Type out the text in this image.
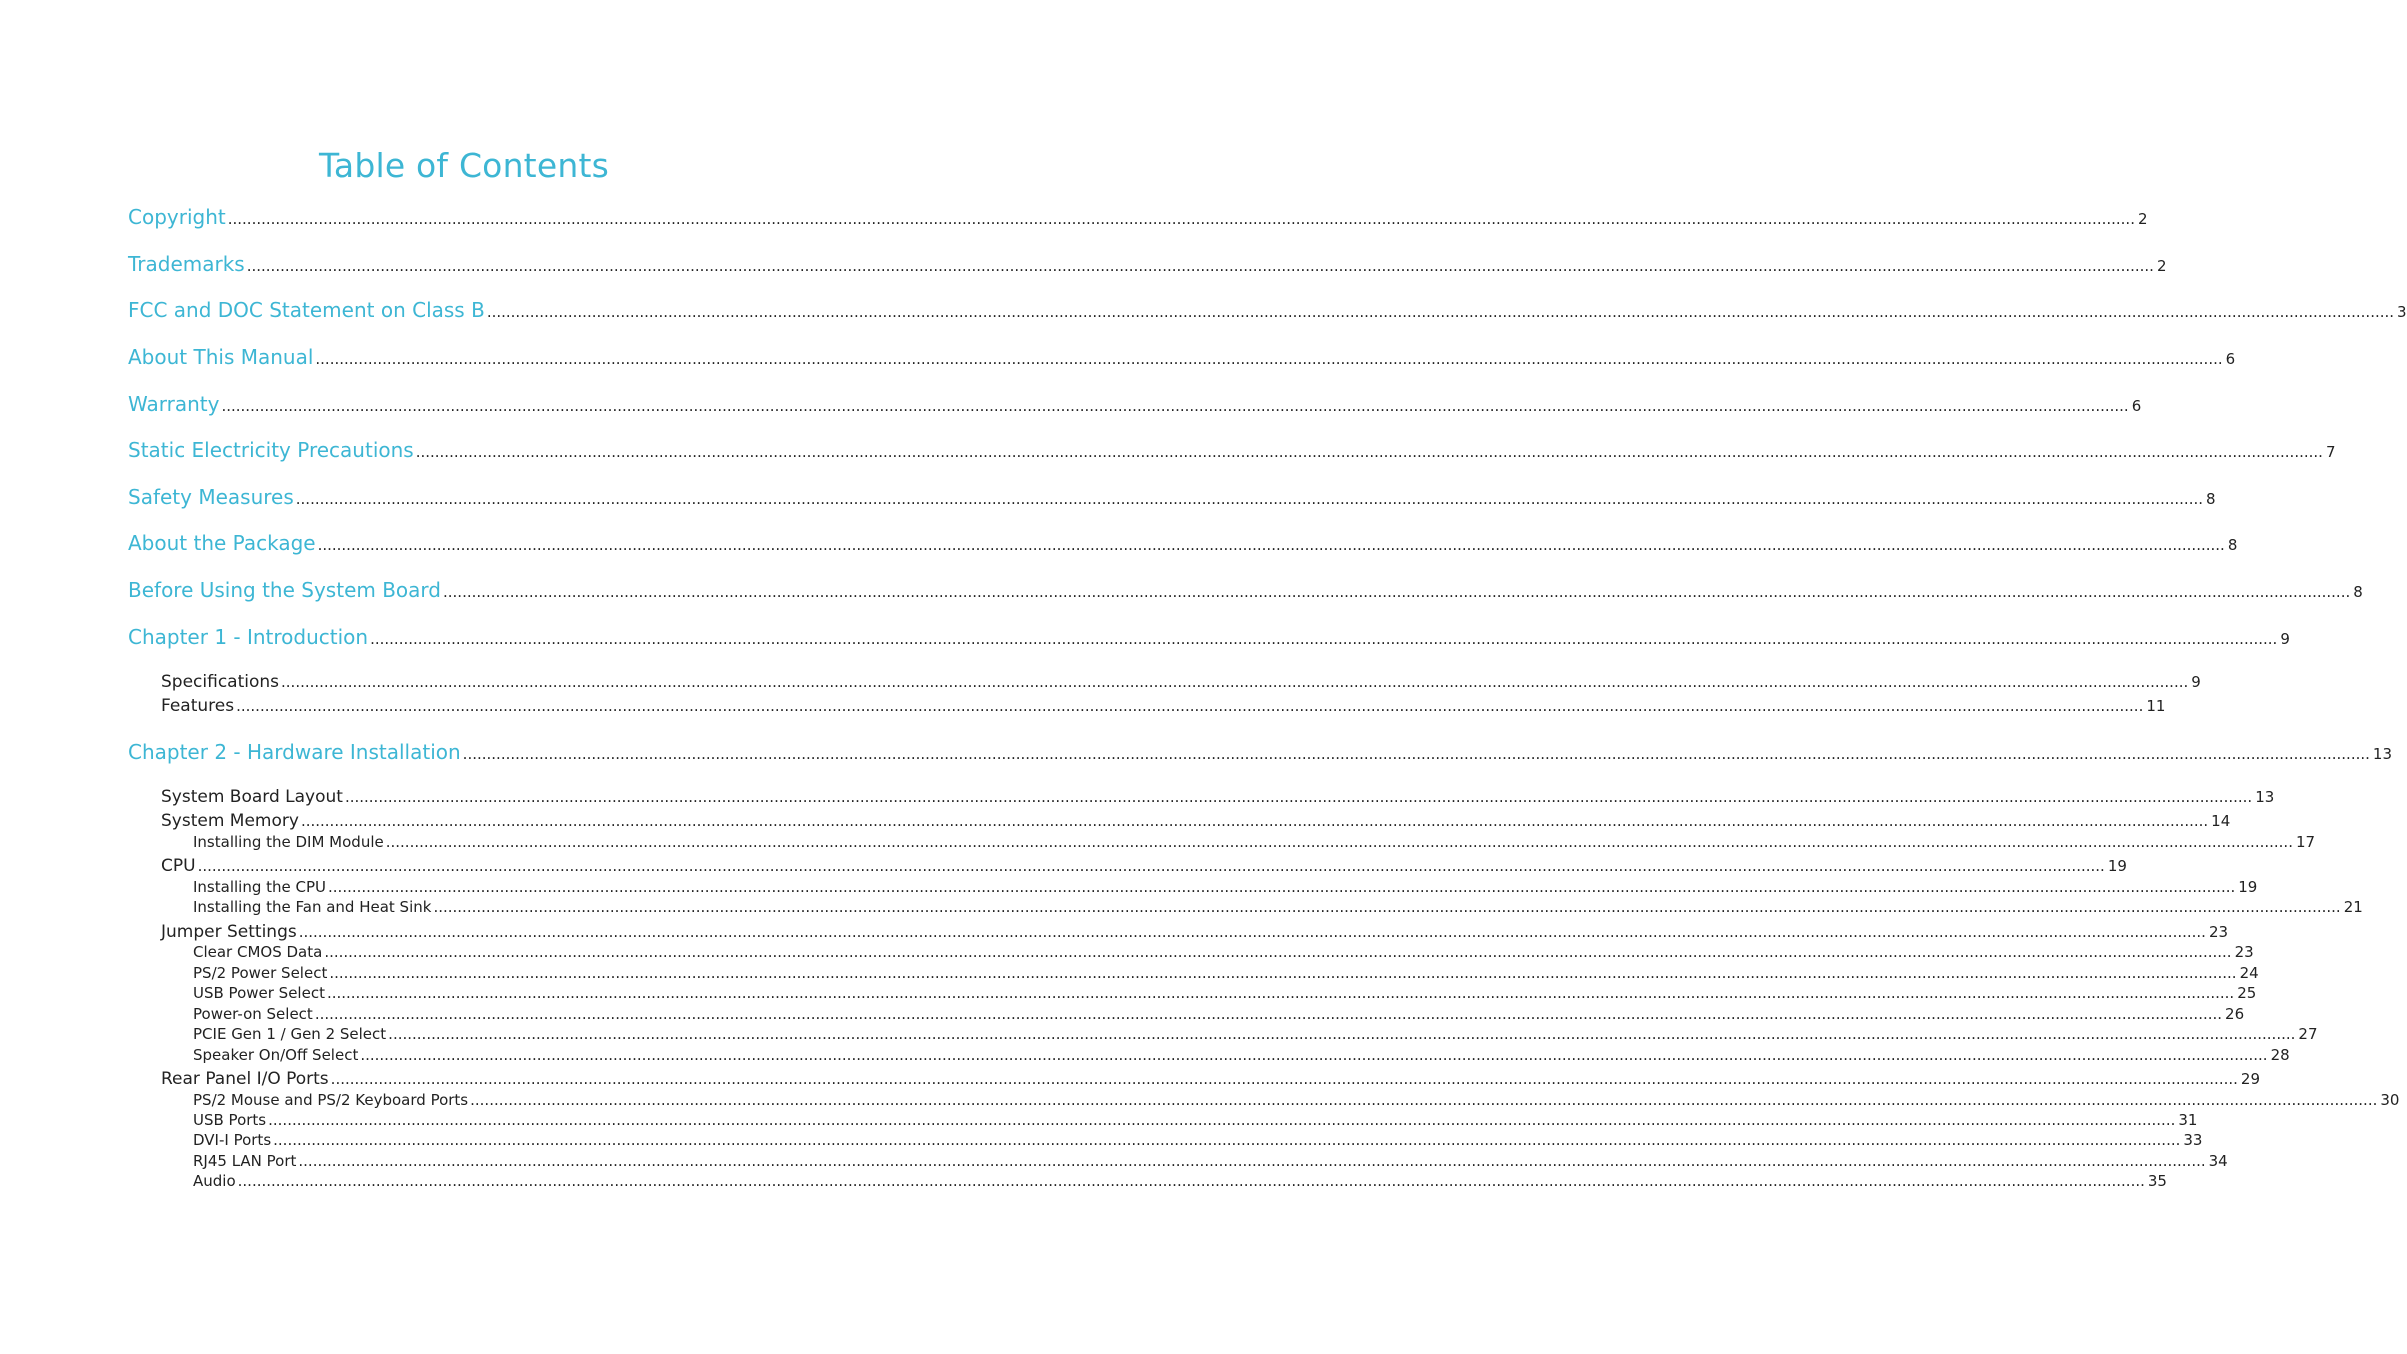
Table of Contents
Copyright ................................................................................................................................................................................................................................................................................................................................................................................................................ 2
Trademarks ................................................................................................................................................................................................................................................................................................................................................................................................................ 2
FCC and DOC Statement on Class B ................................................................................................................................................................................................................................................................................................................................................................................................................ 3
About This Manual ................................................................................................................................................................................................................................................................................................................................................................................................................ 6
Warranty ................................................................................................................................................................................................................................................................................................................................................................................................................ 6
Static Electricity Precautions ................................................................................................................................................................................................................................................................................................................................................................................................................ 7
Safety Measures ................................................................................................................................................................................................................................................................................................................................................................................................................ 8
About the Package ................................................................................................................................................................................................................................................................................................................................................................................................................ 8
Before Using the System Board ................................................................................................................................................................................................................................................................................................................................................................................................................ 8
Chapter 1 - Introduction ................................................................................................................................................................................................................................................................................................................................................................................................................ 9
Specifications ................................................................................................................................................................................................................................................................................................................................................................................................................ 9
Features ................................................................................................................................................................................................................................................................................................................................................................................................................ 11
Chapter 2 - Hardware Installation ................................................................................................................................................................................................................................................................................................................................................................................................................ 13
System Board Layout ................................................................................................................................................................................................................................................................................................................................................................................................................ 13
System Memory ................................................................................................................................................................................................................................................................................................................................................................................................................ 14
Installing the DIM Module ................................................................................................................................................................................................................................................................................................................................................................................................................ 17
CPU ................................................................................................................................................................................................................................................................................................................................................................................................................ 19
Installing the CPU ................................................................................................................................................................................................................................................................................................................................................................................................................ 19
Installing the Fan and Heat Sink ................................................................................................................................................................................................................................................................................................................................................................................................................ 21
Jumper Settings ................................................................................................................................................................................................................................................................................................................................................................................................................ 23
Clear CMOS Data ................................................................................................................................................................................................................................................................................................................................................................................................................ 23
PS/2 Power Select ................................................................................................................................................................................................................................................................................................................................................................................................................ 24
USB Power Select ................................................................................................................................................................................................................................................................................................................................................................................................................ 25
Power-on Select ................................................................................................................................................................................................................................................................................................................................................................................................................ 26
PCIE Gen 1 / Gen 2 Select ................................................................................................................................................................................................................................................................................................................................................................................................................ 27
Speaker On/Off Select ................................................................................................................................................................................................................................................................................................................................................................................................................ 28
Rear Panel I/O Ports ................................................................................................................................................................................................................................................................................................................................................................................................................ 29
PS/2 Mouse and PS/2 Keyboard Ports ................................................................................................................................................................................................................................................................................................................................................................................................................ 30
USB Ports ................................................................................................................................................................................................................................................................................................................................................................................................................ 31
DVI-I Ports ................................................................................................................................................................................................................................................................................................................................................................................................................ 33
RJ45 LAN Port ................................................................................................................................................................................................................................................................................................................................................................................................................ 34
Audio ................................................................................................................................................................................................................................................................................................................................................................................................................ 35
